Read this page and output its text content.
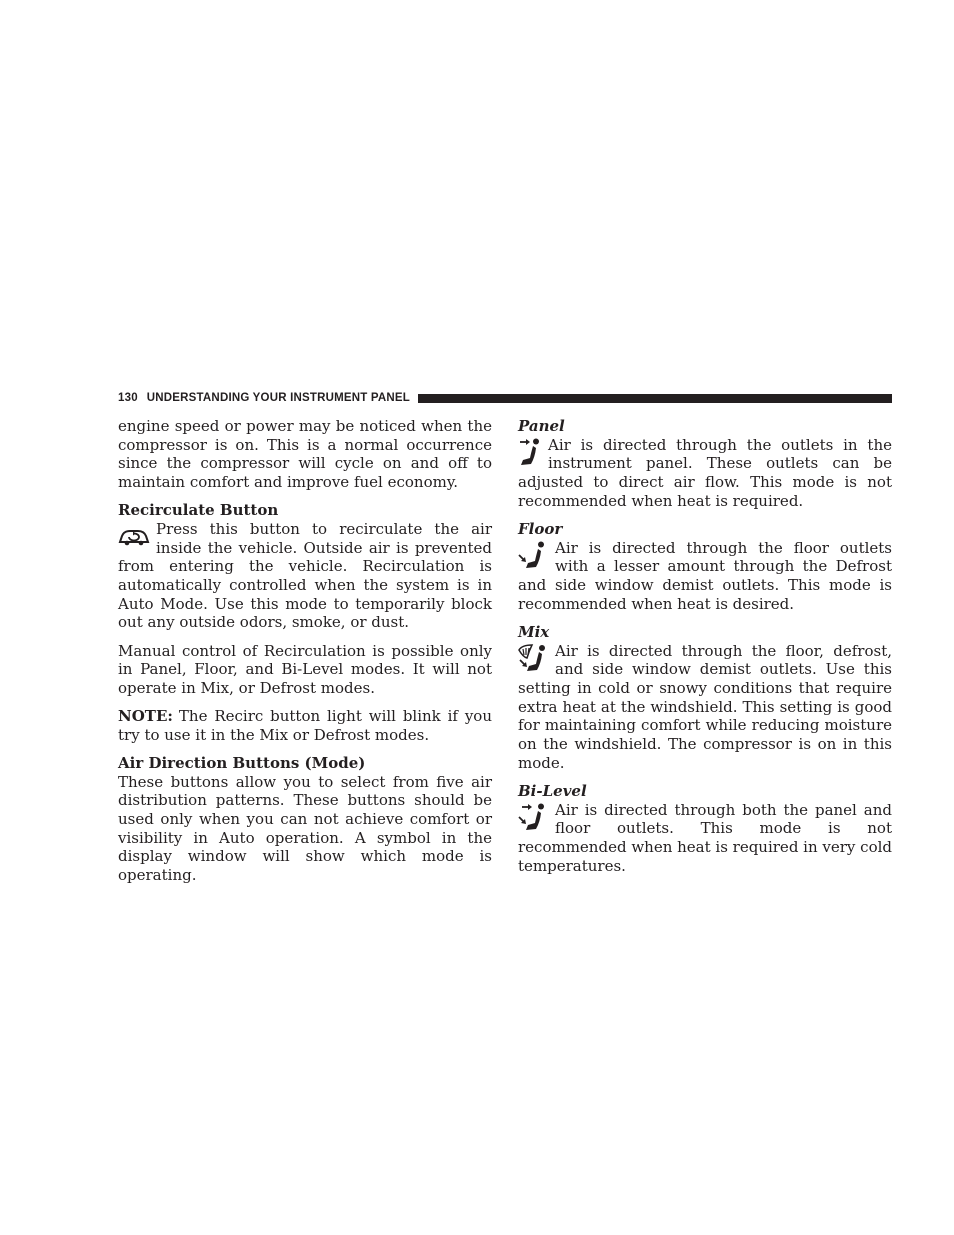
130 UNDERSTANDING YOUR INSTRUMENT PANEL

engine speed or power may be noticed when the compressor is on. This is a normal occurrence since the compressor will cycle on and off to maintain comfort and improve fuel economy.

Recirculate Button

Press this button to recirculate the air inside the vehicle. Outside air is prevented from entering the vehicle. Recirculation is automatically controlled when the system is in Auto Mode. Use this mode to temporarily block out any outside odors, smoke, or dust.

Manual control of Recirculation is possible only in Panel, Floor, and Bi-Level modes. It will not operate in Mix, or Defrost modes.

NOTE: The Recirc button light will blink if you try to use it in the Mix or Defrost modes.

Air Direction Buttons (Mode)

These buttons allow you to select from five air distribution patterns. These buttons should be used only when you can not achieve comfort or visibility in Auto operation. A symbol in the display window will show which mode is operating.

Panel

Air is directed through the outlets in the instrument panel. These outlets can be adjusted to direct air flow. This mode is not recommended when heat is required.

Floor

Air is directed through the floor outlets with a lesser amount through the Defrost and side window demist outlets. This mode is recommended when heat is desired.

Mix

Air is directed through the floor, defrost, and side window demist outlets. Use this setting in cold or snowy conditions that require extra heat at the windshield. This setting is good for maintaining comfort while reducing moisture on the windshield. The compressor is on in this mode.

Bi-Level

Air is directed through both the panel and floor outlets. This mode is not recommended when heat is required in very cold temperatures.
